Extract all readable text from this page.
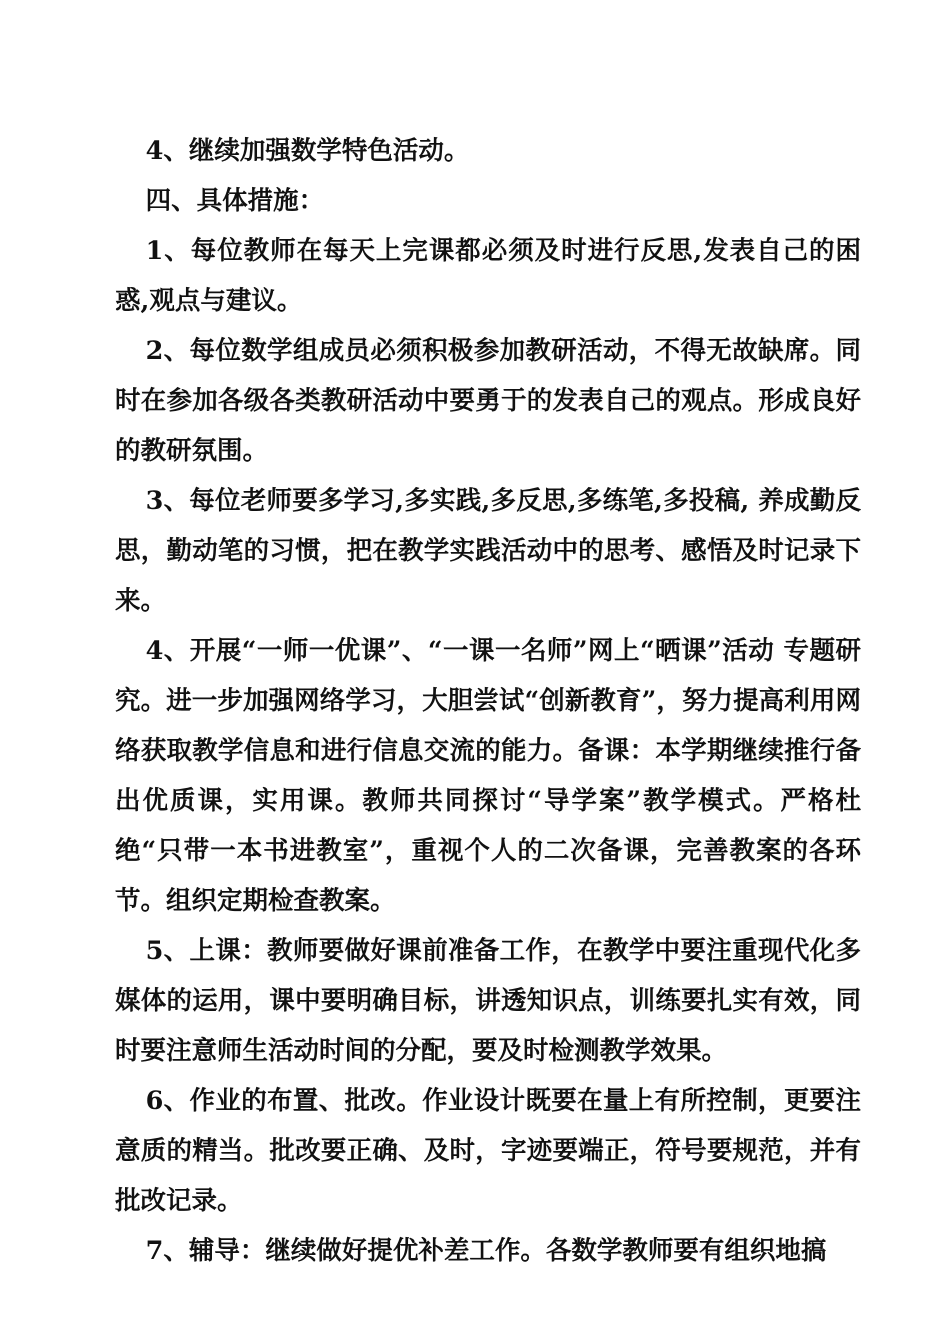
4、继续加强数学特色活动。

四、具体措施：

1、每位教师在每天上完课都必须及时进行反思,发表自己的困惑,观点与建议。

2、每位数学组成员必须积极参加教研活动，不得无故缺席。同时在参加各级各类教研活动中要勇于的发表自己的观点。形成良好的教研氛围。

3、每位老师要多学习,多实践,多反思,多练笔,多投稿, 养成勤反思，勤动笔的习惯，把在教学实践活动中的思考、感悟及时记录下来。

4、开展“一师一优课”、“一课一名师”网上“晒课”活动 专题研究。进一步加强网络学习，大胆尝试“创新教育”，努力提高利用网络获取教学信息和进行信息交流的能力。备课：本学期继续推行备出优质课，实用课。教师共同探讨“导学案”教学模式。严格杜绝“只带一本书进教室”，重视个人的二次备课，完善教案的各环节。组织定期检查教案。

5、上课：教师要做好课前准备工作，在教学中要注重现代化多媒体的运用，课中要明确目标，讲透知识点，训练要扎实有效，同时要注意师生活动时间的分配，要及时检测教学效果。

6、作业的布置、批改。作业设计既要在量上有所控制，更要注意质的精当。批改要正确、及时，字迹要端正，符号要规范，并有批改记录。

7、辅导：继续做好提优补差工作。各数学教师要有组织地搞
